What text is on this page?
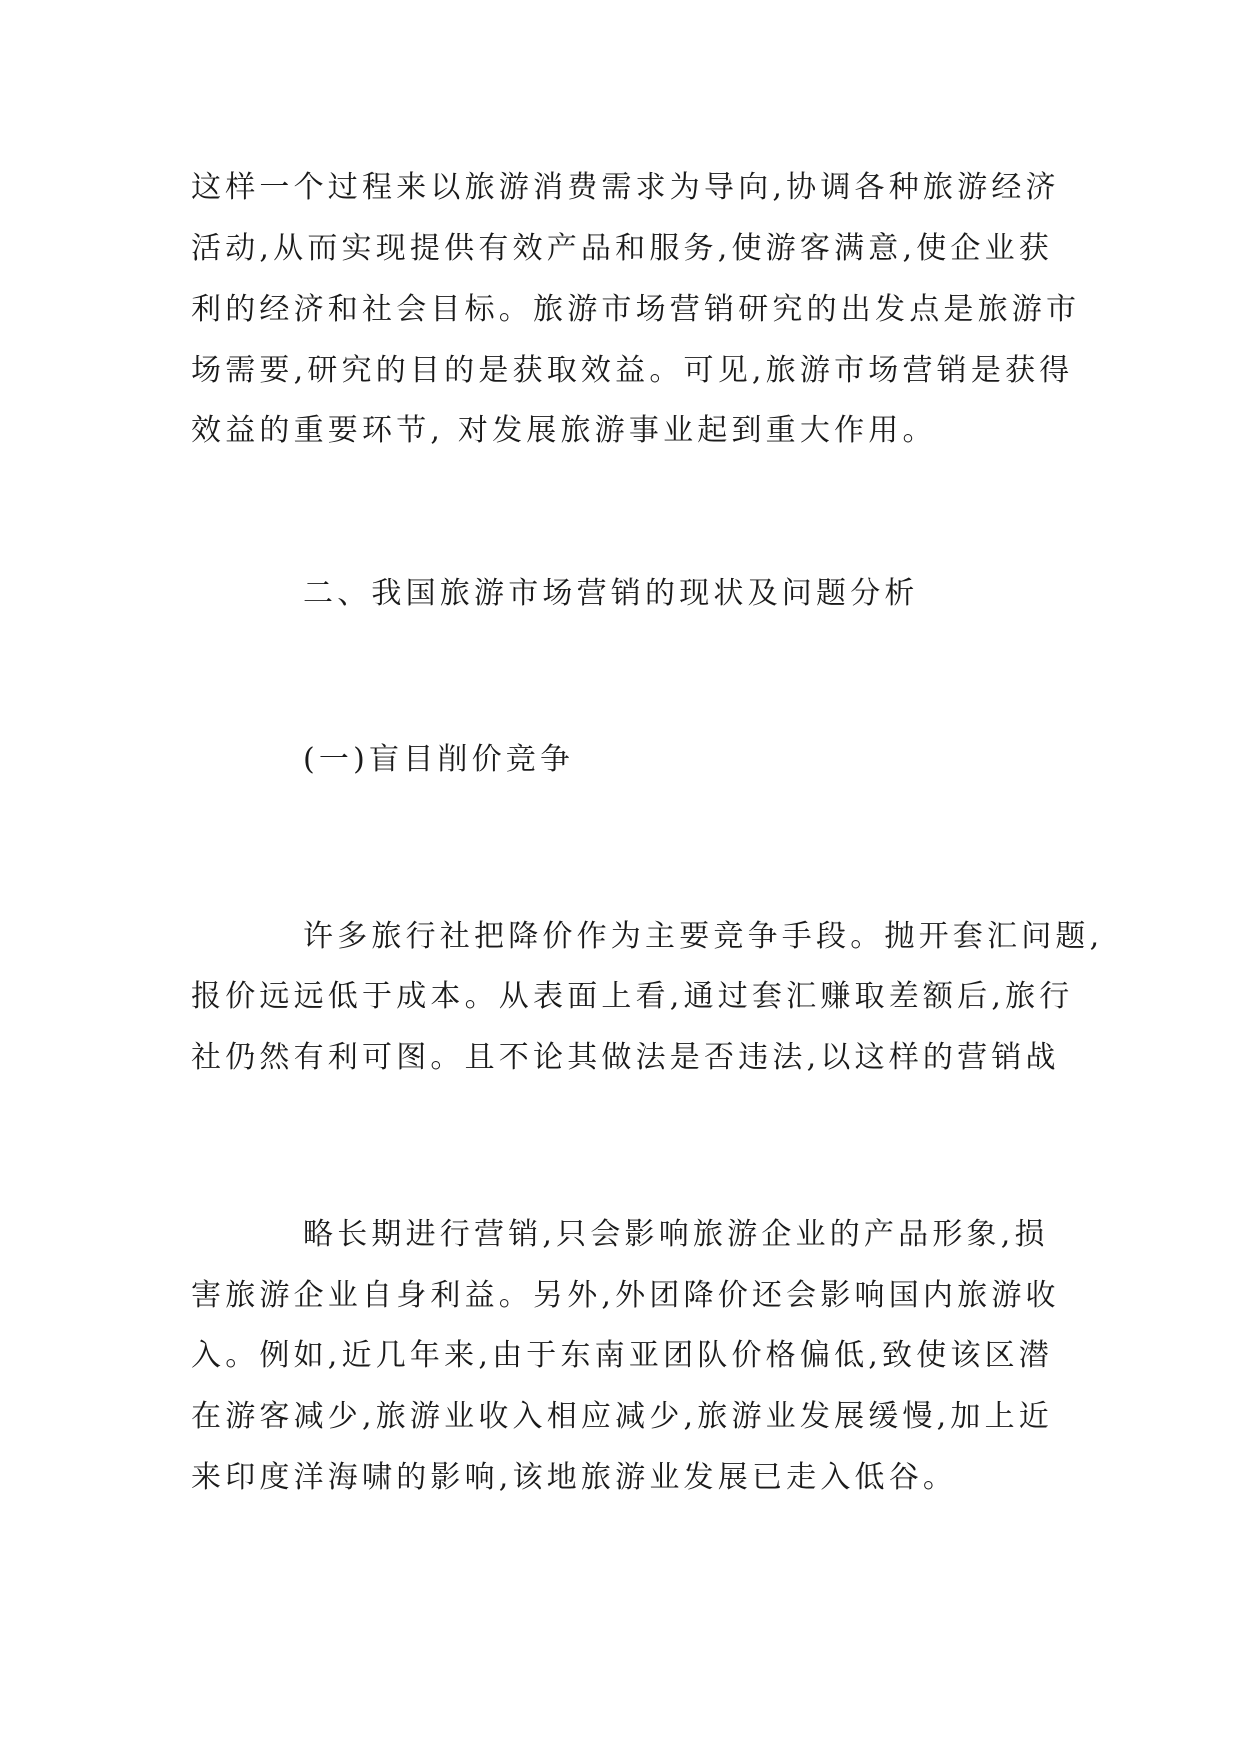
这样一个过程来以旅游消费需求为导向,协调各种旅游经济
活动,从而实现提供有效产品和服务,使游客满意,使企业获
利的经济和社会目标。旅游市场营销研究的出发点是旅游市
场需要,研究的目的是获取效益。可见,旅游市场营销是获得
效益的重要环节, 对发展旅游事业起到重大作用。
二、我国旅游市场营销的现状及问题分析
(一)盲目削价竞争
许多旅行社把降价作为主要竞争手段。抛开套汇问题,
报价远远低于成本。从表面上看,通过套汇赚取差额后,旅行
社仍然有利可图。且不论其做法是否违法,以这样的营销战
略长期进行营销,只会影响旅游企业的产品形象,损
害旅游企业自身利益。另外,外团降价还会影响国内旅游收
入。例如,近几年来,由于东南亚团队价格偏低,致使该区潜
在游客减少,旅游业收入相应减少,旅游业发展缓慢,加上近
来印度洋海啸的影响,该地旅游业发展已走入低谷。
